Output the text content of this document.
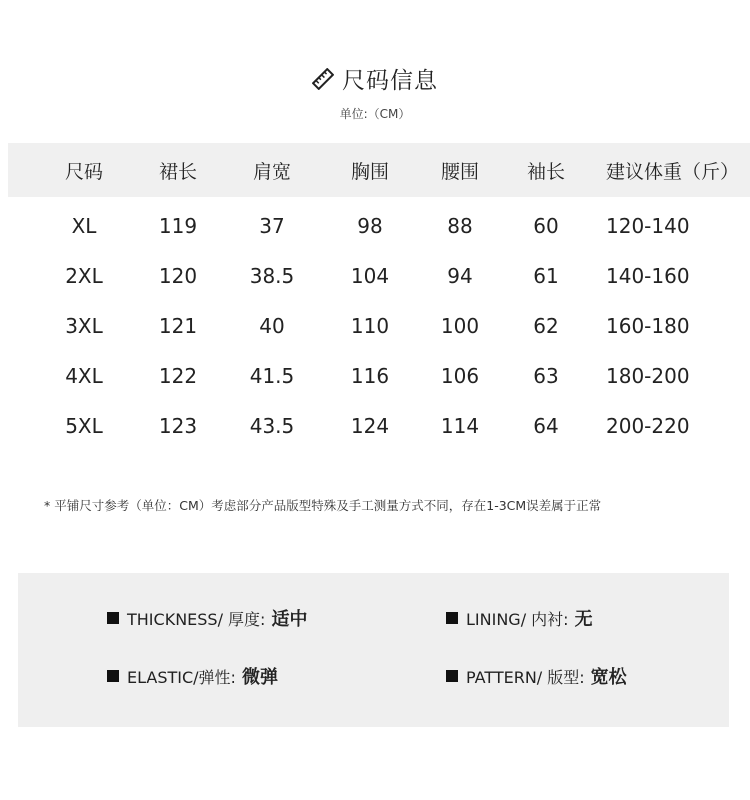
尺码信息
单位:（CM）
尺码	裙长	肩宽	胸围	腰围	袖长	建议体重（斤）
XL	119	37	98	88	60	120-140
2XL	120	38.5	104	94	61	140-160
3XL	121	40	110	100	62	160-180
4XL	122	41.5	116	106	63	180-200
5XL	123	43.5	124	114	64	200-220
* 平铺尺寸参考（单位：CM）考虑部分产品版型特殊及手工测量方式不同，存在1-3CM误差属于正常
THICKNESS/ 厚度: 适中	LINING/ 内衬: 无
ELASTIC/弹性: 微弹	PATTERN/ 版型: 宽松
